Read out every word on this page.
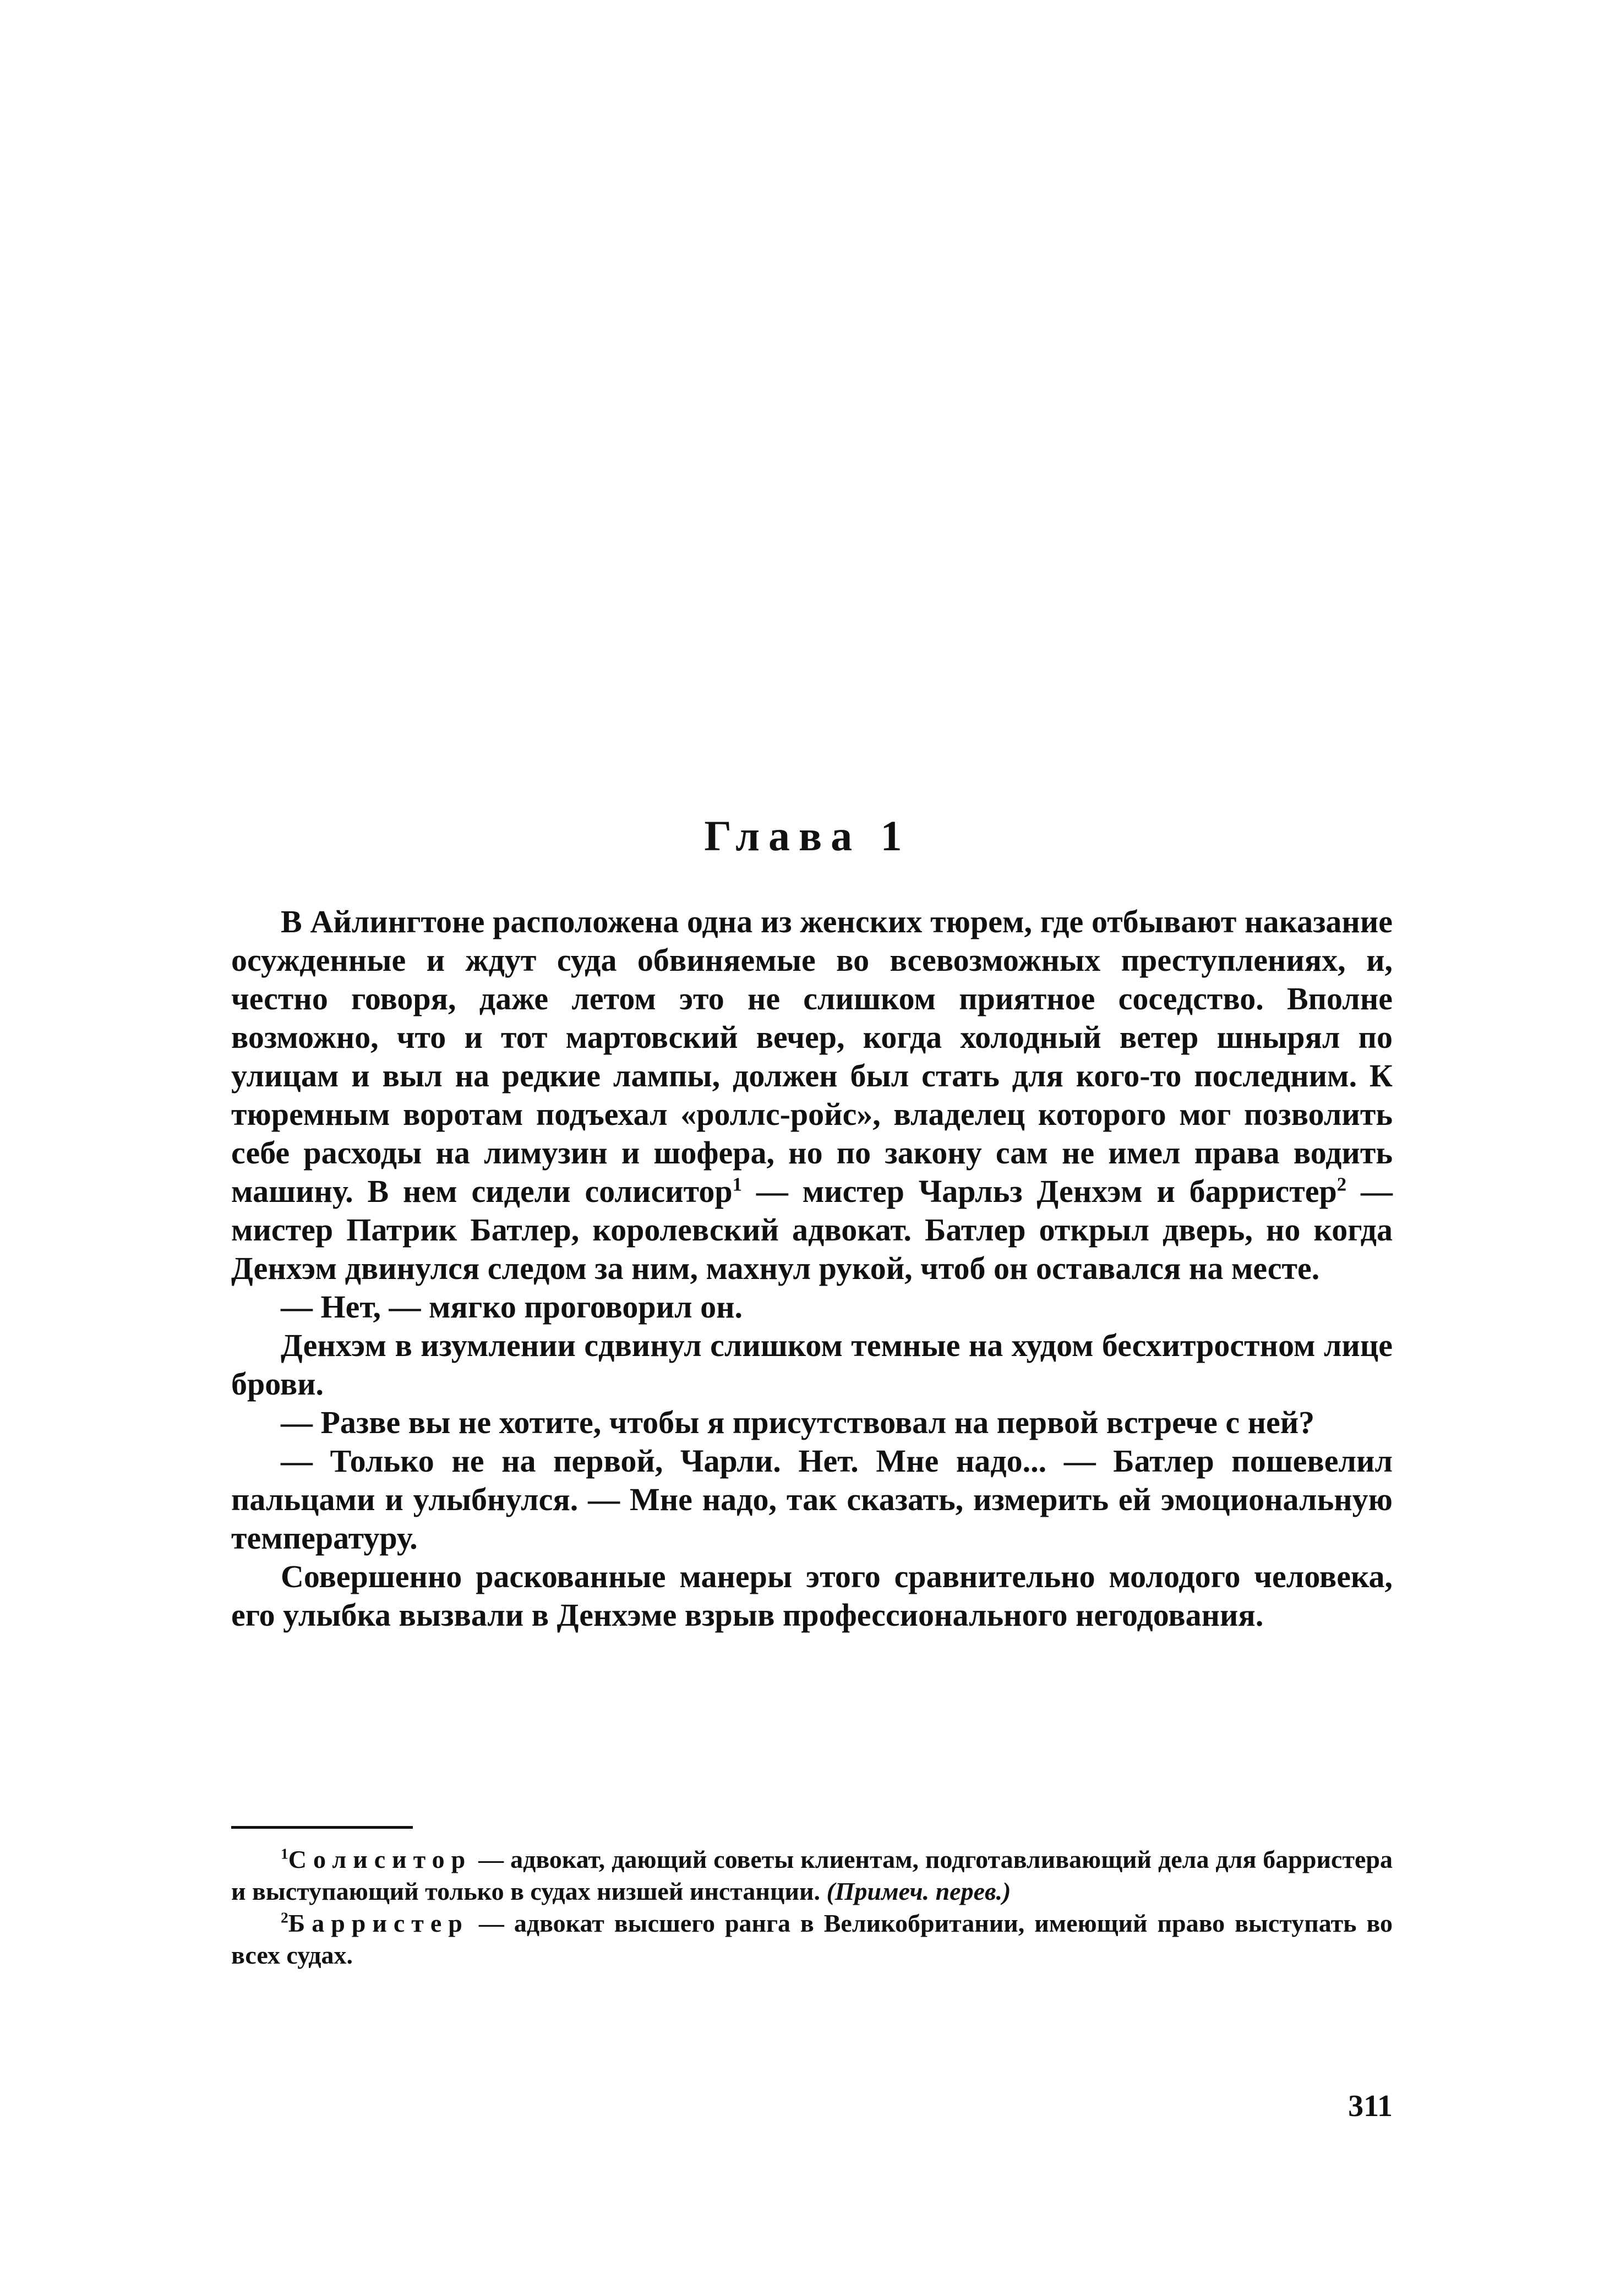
Глава 1

В Айлингтоне расположена одна из женских тюрем, где отбывают наказание осужденные и ждут суда обвиняемые во всевозможных преступлениях, и, честно говоря, даже летом это не слишком приятное соседство. Вполне возможно, что и тот мартовский вечер, когда холодный ветер шнырял по улицам и выл на редкие лампы, должен был стать для кого-то последним. К тюремным воротам подъехал «роллс-ройс», владелец которого мог позволить себе расходы на лимузин и шофера, но по закону сам не имел права водить машину. В нем сидели солиситор$^1$ — мистер Чарльз Денхэм и барристер$^2$ — мистер Патрик Батлер, королевский адвокат. Батлер открыл дверь, но когда Денхэм двинулся следом за ним, махнул рукой, чтоб он оставался на месте.

— Нет, — мягко проговорил он.

Денхэм в изумлении сдвинул слишком темные на худом бесхитростном лице брови.

— Разве вы не хотите, чтобы я присутствовал на первой встрече с ней?

— Только не на первой, Чарли. Нет. Мне надо... — Батлер пошевелил пальцами и улыбнулся. — Мне надо, так сказать, измерить ей эмоциональную температуру.

Совершенно раскованные манеры этого сравнительно молодого человека, его улыбка вызвали в Денхэме взрыв профессионального негодования.

$^1$Солиситор — адвокат, дающий советы клиентам, подготавливающий дела для барристера и выступающий только в судах низшей инстанции. (Примеч. перев.)

$^2$Барристер — адвокат высшего ранга в Великобритании, имеющий право выступать во всех судах.

311
